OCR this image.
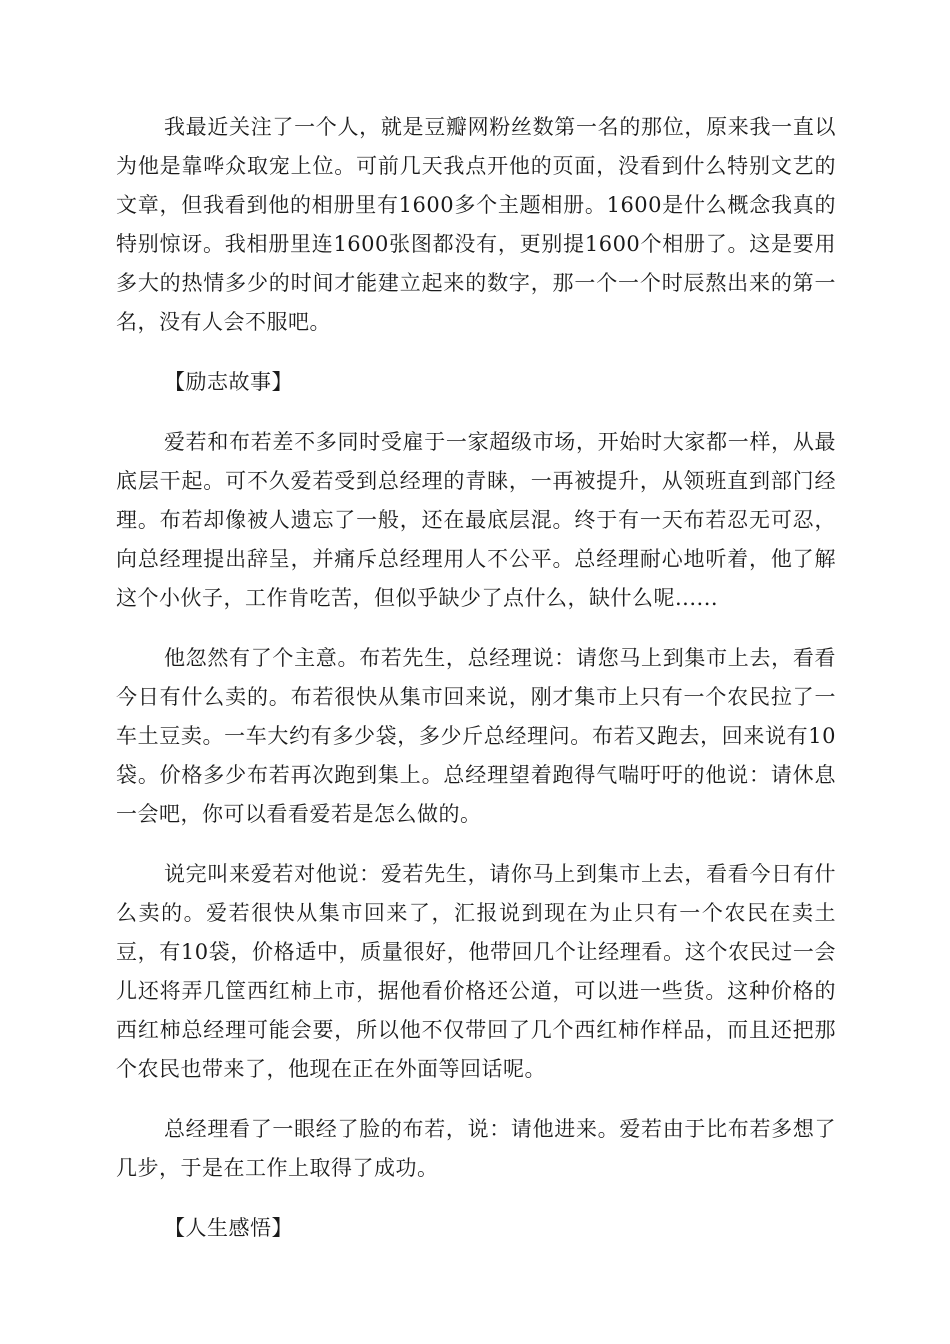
我最近关注了一个人，就是豆瓣网粉丝数第一名的那位，原来我一直以为他是靠哗众取宠上位。可前几天我点开他的页面，没看到什么特别文艺的文章，但我看到他的相册里有1600多个主题相册。1600是什么概念我真的特别惊讶。我相册里连1600张图都没有，更别提1600个相册了。这是要用多大的热情多少的时间才能建立起来的数字，那一个一个时辰熬出来的第一名，没有人会不服吧。

【励志故事】

爱若和布若差不多同时受雇于一家超级市场，开始时大家都一样，从最底层干起。可不久爱若受到总经理的青睐，一再被提升，从领班直到部门经理。布若却像被人遗忘了一般，还在最底层混。终于有一天布若忍无可忍，向总经理提出辞呈，并痛斥总经理用人不公平。总经理耐心地听着，他了解这个小伙子，工作肯吃苦，但似乎缺少了点什么，缺什么呢......

他忽然有了个主意。布若先生，总经理说：请您马上到集市上去，看看今日有什么卖的。布若很快从集市回来说，刚才集市上只有一个农民拉了一车土豆卖。一车大约有多少袋，多少斤总经理问。布若又跑去，回来说有10袋。价格多少布若再次跑到集上。总经理望着跑得气喘吁吁的他说：请休息一会吧，你可以看看爱若是怎么做的。

说完叫来爱若对他说：爱若先生，请你马上到集市上去，看看今日有什么卖的。爱若很快从集市回来了，汇报说到现在为止只有一个农民在卖土豆，有10袋，价格适中，质量很好，他带回几个让经理看。这个农民过一会儿还将弄几筐西红柿上市，据他看价格还公道，可以进一些货。这种价格的西红柿总经理可能会要，所以他不仅带回了几个西红柿作样品，而且还把那个农民也带来了，他现在正在外面等回话呢。

总经理看了一眼经了脸的布若，说：请他进来。爱若由于比布若多想了几步，于是在工作上取得了成功。

【人生感悟】
